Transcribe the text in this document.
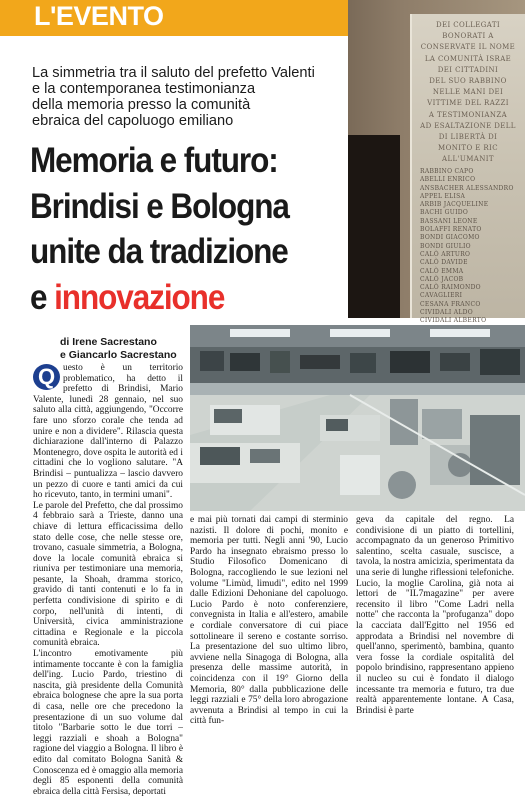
L'EVENTO
La simmetria tra il saluto del prefetto Valenti
e la contemporanea testimonianza
della memoria presso la comunità
ebraica del capoluogo emiliano
Memoria e futuro:
Brindisi e Bologna
unite da tradizione
e innovazione
DEI COLLEGATI BONORATI A
CONSERVATE IL NOME
LA COMUNITÀ ISRAE
DEI CITTADINI
DEL SUO RABBINO
NELLE MANI DEI
VITTIME DEL RAZZI
A TESTIMONIANZA
AD ESALTAZIONE DELL
DI LIBERTÀ DI
MONITO E RIC
ALL'UMANIT
RABBINO CAPO
ABELLI ENRICO
ANSBACHER ALESSANDRO
APPEL ELISA
ARBIB JACQUELINE
BACHI GUIDO
BASSANI LEONE
BOLAFFI RENATO
BONDI GIACOMO
BONDI GIULIO
CALÒ ARTURO
CALÒ DAVIDE
CALÒ EMMA
CALÒ JACOB
CALÒ RAIMONDO
CAVAGLIERI
CESANA FRANCO
CIVIDALI ALDO
CIVIDALI ALBERTO
di Irene Sacrestano
e Giancarlo Sacrestano

Q uesto è un territorio problematico, ha detto il prefetto di Brindisi, Mario Valente, lunedì 28 gennaio, nel suo saluto alla città, aggiungendo, "Occorre fare uno sforzo corale che tenda ad unire e non a dividere". Rilascia questa dichiarazione dall'interno di Palazzo Montenegro, dove ospita le autorità ed i cittadini che lo vogliono salutare. "A Brindisi – puntualizza – lascio davvero un pezzo di cuore e tanti amici da cui ho ricevuto, tanto, in termini umani".

Le parole del Prefetto, che dal prossimo 4 febbraio sarà a Trieste, danno una chiave di lettura efficacissima dello stato delle cose, che nelle stesse ore, trovano, casuale simmetria, a Bologna, dove la locale comunità ebraica si riuniva per testimoniare una memoria, pesante, la Shoah, dramma storico, gravido di tanti contenuti e lo fa in perfetta condivisione di spirito e di corpo, nell'unità di intenti, di Università, civica amministrazione cittadina e Regionale e la piccola comunità ebraica.

L'incontro emotivamente più intimamente toccante è con la famiglia dell'ing. Lucio Pardo, triestino di nascita, già presidente della Comunità ebraica bolognese che apre la sua porta di casa, nelle ore che precedono la presentazione di un suo volume dal titolo "Barbarie sotto le due torri – leggi razziali e shoah a Bologna" ragione del viaggio a Bologna. Il libro è edito dal comitato Bologna Sanità & Conoscenza ed è omaggio alla memoria degli 85 esponenti della comunità ebraica della città Fersisa, deportati

e mai più tornati dai campi di sterminio nazisti. Il dolore di pochi, monito e memoria per tutti. Negli anni '90, Lucio Pardo ha insegnato ebraismo presso lo Studio Filosofico Domenicano di Bologna, raccogliendo le sue lezioni nel volume "Limùd, limudi", edito nel 1999 dalle Edizioni Dehoniane del capoluogo. Lucio Pardo è noto conferenziere, convegnista in Italia e all'estero, amabile e cordiale conversatore di cui piace sottolineare il sereno e costante sorriso. La presentazione del suo ultimo libro, avviene nella Sinagoga di Bologna, alla presenza delle massime autorità, in coincidenza con il 19° Giorno della Memoria, 80° dalla pubblicazione delle leggi razziali e 75° della loro abrogazione avvenuta a Brindisi al tempo in cui la città fun-

geva da capitale del regno. La condivisione di un piatto di tortellini, accompagnato da un generoso Primitivo salentino, scelta casuale, suscisce, a tavola, la nostra amicizia, sperimentata da una serie di lunghe riflessioni telefoniche. Lucio, la moglie Carolina, già nota ai lettori de "IL7magazine" per avere recensito il libro "Come Ladri nella notte" che racconta la "profuganza" dopo la cacciata dall'Egitto nel 1956 ed approdata a Brindisi nel novembre di quell'anno, sperimentò, bambina, quanto vera fosse la cordiale ospitalità del popolo brindisino, rappresentano appieno il nucleo su cui è fondato il dialogo incessante tra memoria e futuro, tra due realtà apparentemente lontane. A Casa, Brindisi è parte
